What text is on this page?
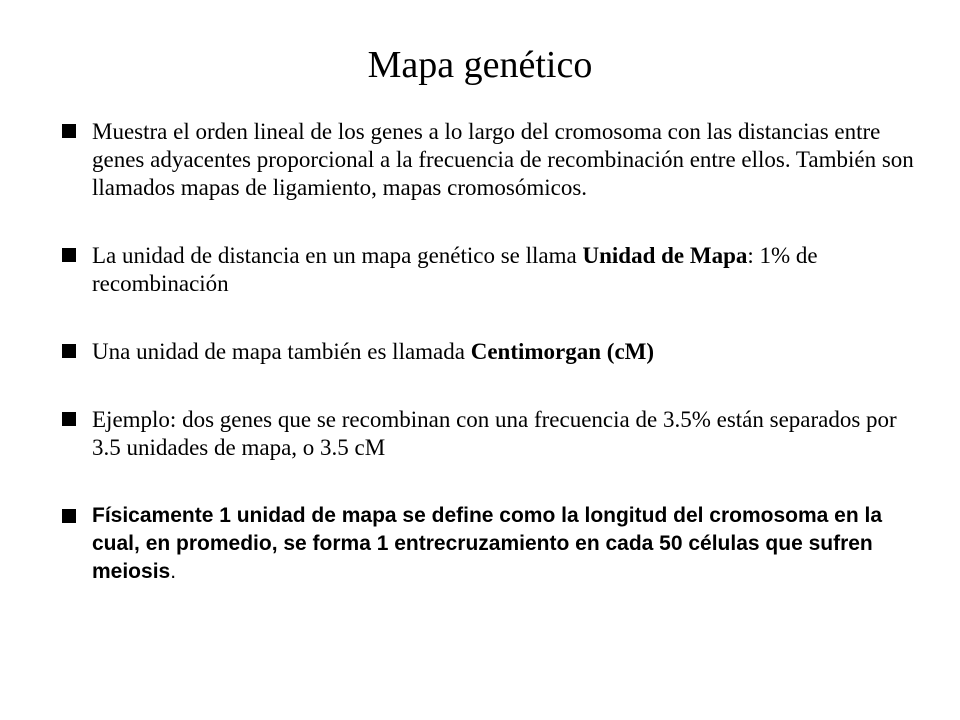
Mapa genético
Muestra el orden lineal de los genes a lo largo del cromosoma con las distancias entre genes adyacentes proporcional a la frecuencia de recombinación entre ellos. También son llamados mapas de ligamiento, mapas cromosómicos.
La unidad de distancia en un mapa genético se llama Unidad de Mapa: 1% de recombinación
Una unidad de mapa también es llamada Centimorgan (cM)
Ejemplo: dos genes que se recombinan con una frecuencia de 3.5% están separados por 3.5 unidades de mapa, o 3.5 cM
Físicamente 1 unidad de mapa se define como la longitud del cromosoma en la cual, en promedio, se forma 1 entrecruzamiento en cada 50 células que sufren meiosis.
